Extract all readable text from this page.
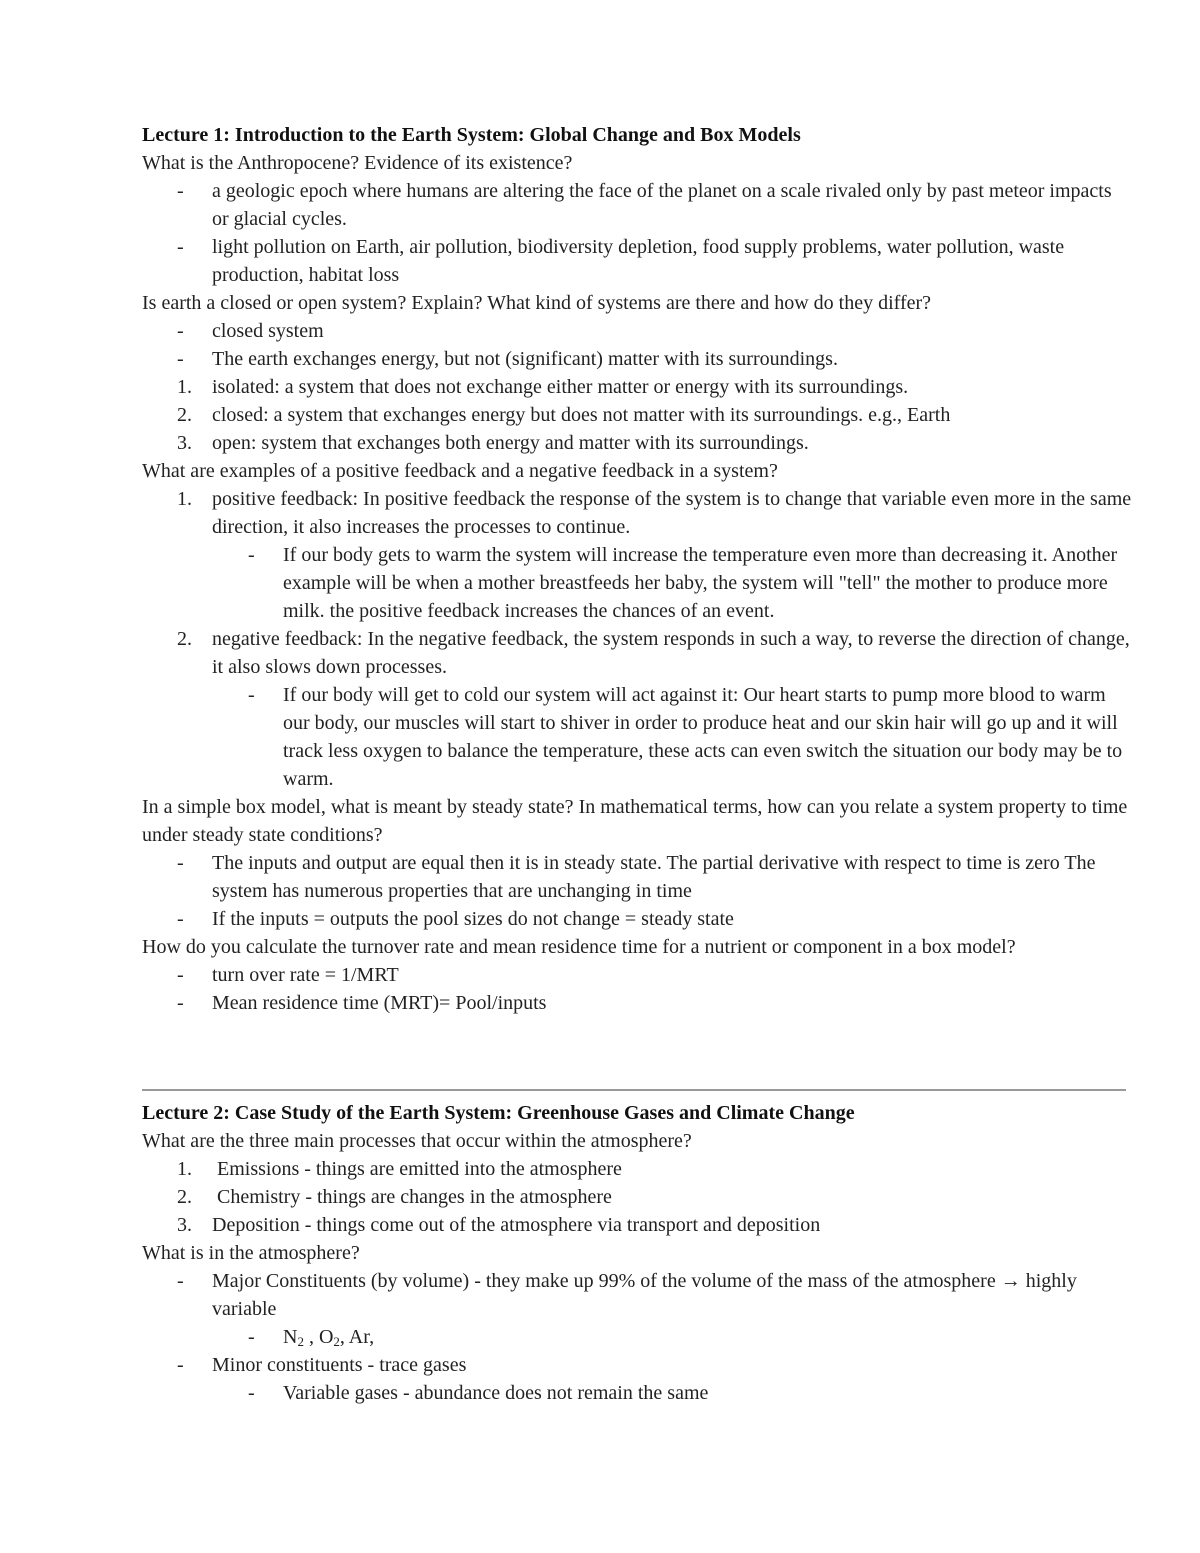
Lecture 1: Introduction to the Earth System: Global Change and Box Models
What is the Anthropocene? Evidence of its existence?
-	a geologic epoch where humans are altering the face of the planet on a scale rivaled only by past meteor impacts or glacial cycles.
-	light pollution on Earth, air pollution, biodiversity depletion, food supply problems, water pollution, waste production, habitat loss
Is earth a closed or open system? Explain? What kind of systems are there and how do they differ?
-	closed system
-	The earth exchanges energy, but not (significant) matter with its surroundings.
1.	isolated: a system that does not exchange either matter or energy with its surroundings.
2.	closed: a system that exchanges energy but does not matter with its surroundings. e.g., Earth
3.	open: system that exchanges both energy and matter with its surroundings.
What are examples of a positive feedback and a negative feedback in a system?
1.	positive feedback: In positive feedback the response of the system is to change that variable even more in the same direction, it also increases the processes to continue.
-	If our body gets to warm the system will increase the temperature even more than decreasing it. Another example will be when a mother breastfeeds her baby, the system will "tell" the mother to produce more milk. the positive feedback increases the chances of an event.
2.	negative feedback: In the negative feedback, the system responds in such a way, to reverse the direction of change, it also slows down processes.
-	If our body will get to cold our system will act against it: Our heart starts to pump more blood to warm our body, our muscles will start to shiver in order to produce heat and our skin hair will go up and it will track less oxygen to balance the temperature, these acts can even switch the situation our body may be to warm.
In a simple box model, what is meant by steady state? In mathematical terms, how can you relate a system property to time under steady state conditions?
-	The inputs and output are equal then it is in steady state. The partial derivative with respect to time is zero The system has numerous properties that are unchanging in time
-	If the inputs = outputs the pool sizes do not change = steady state
How do you calculate the turnover rate and mean residence time for a nutrient or component in a box model?
-	turn over rate = 1/MRT
-	Mean residence time (MRT)= Pool/inputs
Lecture 2: Case Study of the Earth System: Greenhouse Gases and Climate Change
What are the three main processes that occur within the atmosphere?
1.	Emissions - things are emitted into the atmosphere
2.	Chemistry - things are changes in the atmosphere
3.	Deposition - things come out of the atmosphere via transport and deposition
What is in the atmosphere?
-	Major Constituents (by volume) - they make up 99% of the volume of the mass of the atmosphere → highly variable
-	$N_2$ , $O_2$, Ar,
-	Minor constituents - trace gases
-	Variable gases - abundance does not remain the same
